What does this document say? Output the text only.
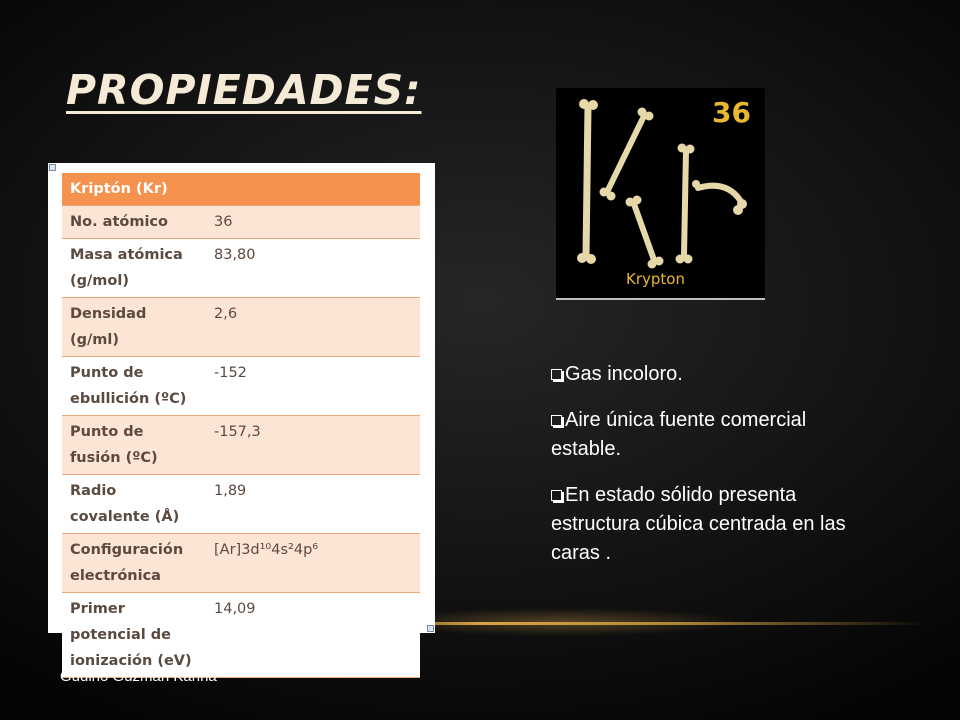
PROPIEDADES:
Kriptón (Kr)	
No. atómico	36
Masa atómica (g/mol)	83,80
Densidad (g/ml)	2,6
Punto de ebullición (ºC)	-152
Punto de fusión (ºC)	-157,3
Radio covalente (Å)	1,89
Configuración electrónica	[Ar]3d¹⁰4s²4p⁶
Primer potencial de ionización (eV)	14,09
36
Krypton
Gas incoloro.
Aire única fuente comercial estable.
En estado sólido presenta estructura cúbica centrada en las caras .
Gudiño Guzmán Karina
